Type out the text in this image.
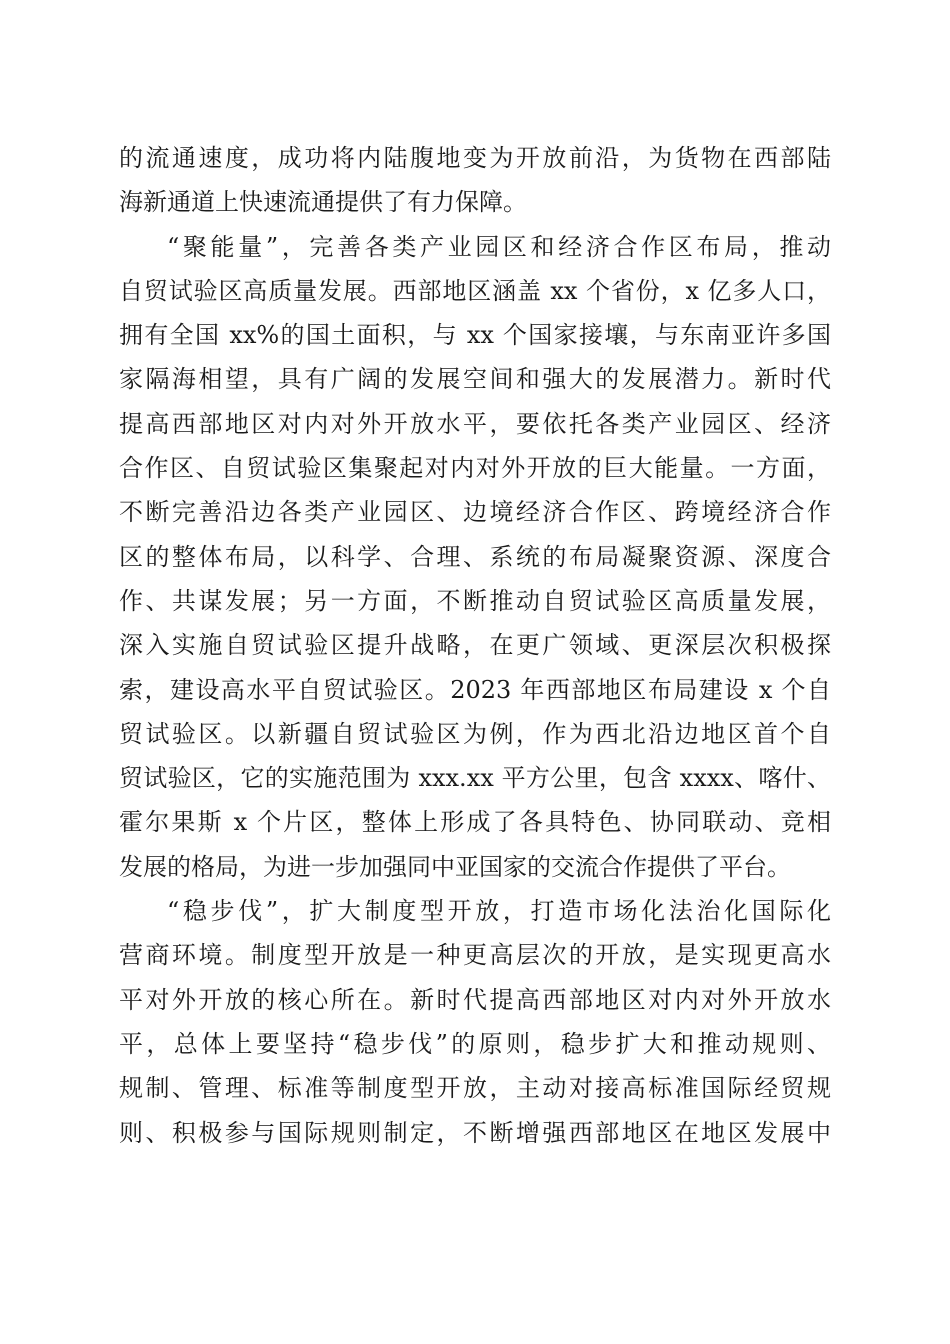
的流通速度，成功将内陆腹地变为开放前沿，为货物在西部陆
海新通道上快速流通提供了有力保障。
“聚能量”，完善各类产业园区和经济合作区布局，推动
自贸试验区高质量发展。西部地区涵盖 xx 个省份，x 亿多人口，
拥有全国 xx%的国土面积，与 xx 个国家接壤，与东南亚许多国
家隔海相望，具有广阔的发展空间和强大的发展潜力。新时代
提高西部地区对内对外开放水平，要依托各类产业园区、经济
合作区、自贸试验区集聚起对内对外开放的巨大能量。一方面，
不断完善沿边各类产业园区、边境经济合作区、跨境经济合作
区的整体布局，以科学、合理、系统的布局凝聚资源、深度合
作、共谋发展；另一方面，不断推动自贸试验区高质量发展，
深入实施自贸试验区提升战略，在更广领域、更深层次积极探
索，建设高水平自贸试验区。2023 年西部地区布局建设 x 个自
贸试验区。以新疆自贸试验区为例，作为西北沿边地区首个自
贸试验区，它的实施范围为 xxx.xx 平方公里，包含 xxxx、喀什、
霍尔果斯 x 个片区，整体上形成了各具特色、协同联动、竞相
发展的格局，为进一步加强同中亚国家的交流合作提供了平台。
“稳步伐”，扩大制度型开放，打造市场化法治化国际化
营商环境。制度型开放是一种更高层次的开放，是实现更高水
平对外开放的核心所在。新时代提高西部地区对内对外开放水
平，总体上要坚持“稳步伐”的原则，稳步扩大和推动规则、
规制、管理、标准等制度型开放，主动对接高标准国际经贸规
则、积极参与国际规则制定，不断增强西部地区在地区发展中
